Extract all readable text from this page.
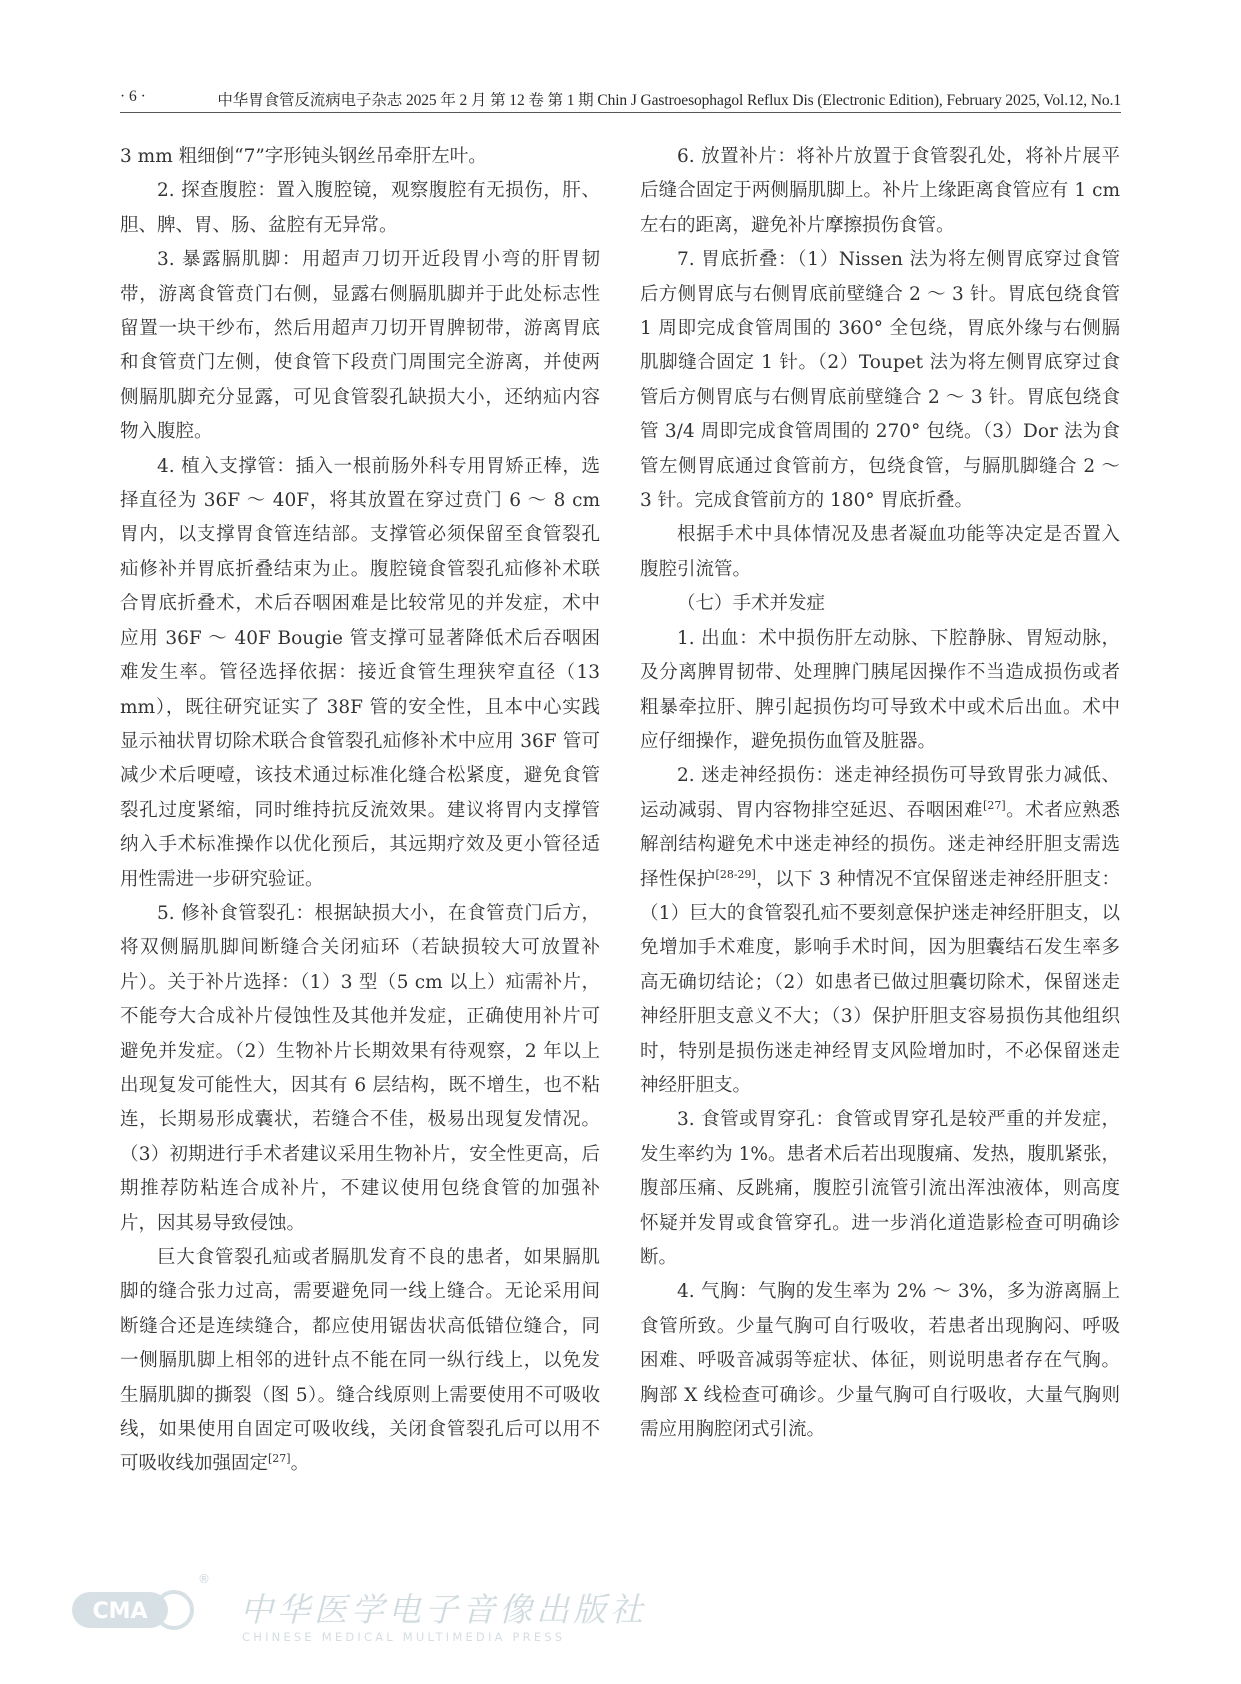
· 6 ·	中华胃食管反流病电子杂志 2025 年 2 月 第 12 卷 第 1 期 Chin J Gastroesophagol Reflux Dis (Electronic Edition), February 2025, Vol.12, No.1

3 mm 粗细倒“7”字形钝头钢丝吊牵肝左叶。

2. 探查腹腔：置入腹腔镜，观察腹腔有无损伤，肝、胆、脾、胃、肠、盆腔有无异常。

3. 暴露膈肌脚：用超声刀切开近段胃小弯的肝胃韧带，游离食管贲门右侧，显露右侧膈肌脚并于此处标志性留置一块干纱布，然后用超声刀切开胃脾韧带，游离胃底和食管贲门左侧，使食管下段贲门周围完全游离，并使两侧膈肌脚充分显露，可见食管裂孔缺损大小，还纳疝内容物入腹腔。

4. 植入支撑管：插入一根前肠外科专用胃矫正棒，选择直径为 36F ～ 40F，将其放置在穿过贲门 6 ～ 8 cm 胃内，以支撑胃食管连结部。支撑管必须保留至食管裂孔疝修补并胃底折叠结束为止。腹腔镜食管裂孔疝修补术联合胃底折叠术，术后吞咽困难是比较常见的并发症，术中应用 36F ～ 40F Bougie 管支撑可显著降低术后吞咽困难发生率。管径选择依据：接近食管生理狭窄直径（13 mm），既往研究证实了 38F 管的安全性，且本中心实践显示袖状胃切除术联合食管裂孔疝修补术中应用 36F 管可减少术后哽噎，该技术通过标准化缝合松紧度，避免食管裂孔过度紧缩，同时维持抗反流效果。建议将胃内支撑管纳入手术标准操作以优化预后，其远期疗效及更小管径适用性需进一步研究验证。

5. 修补食管裂孔：根据缺损大小，在食管贲门后方，将双侧膈肌脚间断缝合关闭疝环（若缺损较大可放置补片）。关于补片选择：（1）3 型（5 cm 以上）疝需补片，不能夸大合成补片侵蚀性及其他并发症，正确使用补片可避免并发症。（2）生物补片长期效果有待观察，2 年以上出现复发可能性大，因其有 6 层结构，既不增生，也不粘连，长期易形成囊状，若缝合不佳，极易出现复发情况。（3）初期进行手术者建议采用生物补片，安全性更高，后期推荐防粘连合成补片，不建议使用包绕食管的加强补片，因其易导致侵蚀。

巨大食管裂孔疝或者膈肌发育不良的患者，如果膈肌脚的缝合张力过高，需要避免同一线上缝合。无论采用间断缝合还是连续缝合，都应使用锯齿状高低错位缝合，同一侧膈肌脚上相邻的进针点不能在同一纵行线上，以免发生膈肌脚的撕裂（图 5）。缝合线原则上需要使用不可吸收线，如果使用自固定可吸收线，关闭食管裂孔后可以用不可吸收线加强固定[27]。

6. 放置补片：将补片放置于食管裂孔处，将补片展平后缝合固定于两侧膈肌脚上。补片上缘距离食管应有 1 cm 左右的距离，避免补片摩擦损伤食管。

7. 胃底折叠：（1）Nissen 法为将左侧胃底穿过食管后方侧胃底与右侧胃底前壁缝合 2 ～ 3 针。胃底包绕食管 1 周即完成食管周围的 360° 全包绕，胃底外缘与右侧膈肌脚缝合固定 1 针。（2）Toupet 法为将左侧胃底穿过食管后方侧胃底与右侧胃底前壁缝合 2 ～ 3 针。胃底包绕食管 3/4 周即完成食管周围的 270° 包绕。（3）Dor 法为食管左侧胃底通过食管前方，包绕食管，与膈肌脚缝合 2 ～ 3 针。完成食管前方的 180° 胃底折叠。

根据手术中具体情况及患者凝血功能等决定是否置入腹腔引流管。

（七）手术并发症

1. 出血：术中损伤肝左动脉、下腔静脉、胃短动脉，及分离脾胃韧带、处理脾门胰尾因操作不当造成损伤或者粗暴牵拉肝、脾引起损伤均可导致术中或术后出血。术中应仔细操作，避免损伤血管及脏器。

2. 迷走神经损伤：迷走神经损伤可导致胃张力减低、运动减弱、胃内容物排空延迟、吞咽困难[27]。术者应熟悉解剖结构避免术中迷走神经的损伤。迷走神经肝胆支需选择性保护[28-29]，以下 3 种情况不宜保留迷走神经肝胆支：（1）巨大的食管裂孔疝不要刻意保护迷走神经肝胆支，以免增加手术难度，影响手术时间，因为胆囊结石发生率多高无确切结论；（2）如患者已做过胆囊切除术，保留迷走神经肝胆支意义不大；（3）保护肝胆支容易损伤其他组织时，特别是损伤迷走神经胃支风险增加时，不必保留迷走神经肝胆支。

3. 食管或胃穿孔：食管或胃穿孔是较严重的并发症，发生率约为 1%。患者术后若出现腹痛、发热，腹肌紧张，腹部压痛、反跳痛，腹腔引流管引流出浑浊液体，则高度怀疑并发胃或食管穿孔。进一步消化道造影检查可明确诊断。

4. 气胸：气胸的发生率为 2% ～ 3%，多为游离膈上食管所致。少量气胸可自行吸收，若患者出现胸闷、呼吸困难、呼吸音减弱等症状、体征，则说明患者存在气胸。胸部 X 线检查可确诊。少量气胸可自行吸收，大量气胸则需应用胸腔闭式引流。

CMA
®
中华医学电子音像出版社
CHINESE MEDICAL MULTIMEDIA PRESS
